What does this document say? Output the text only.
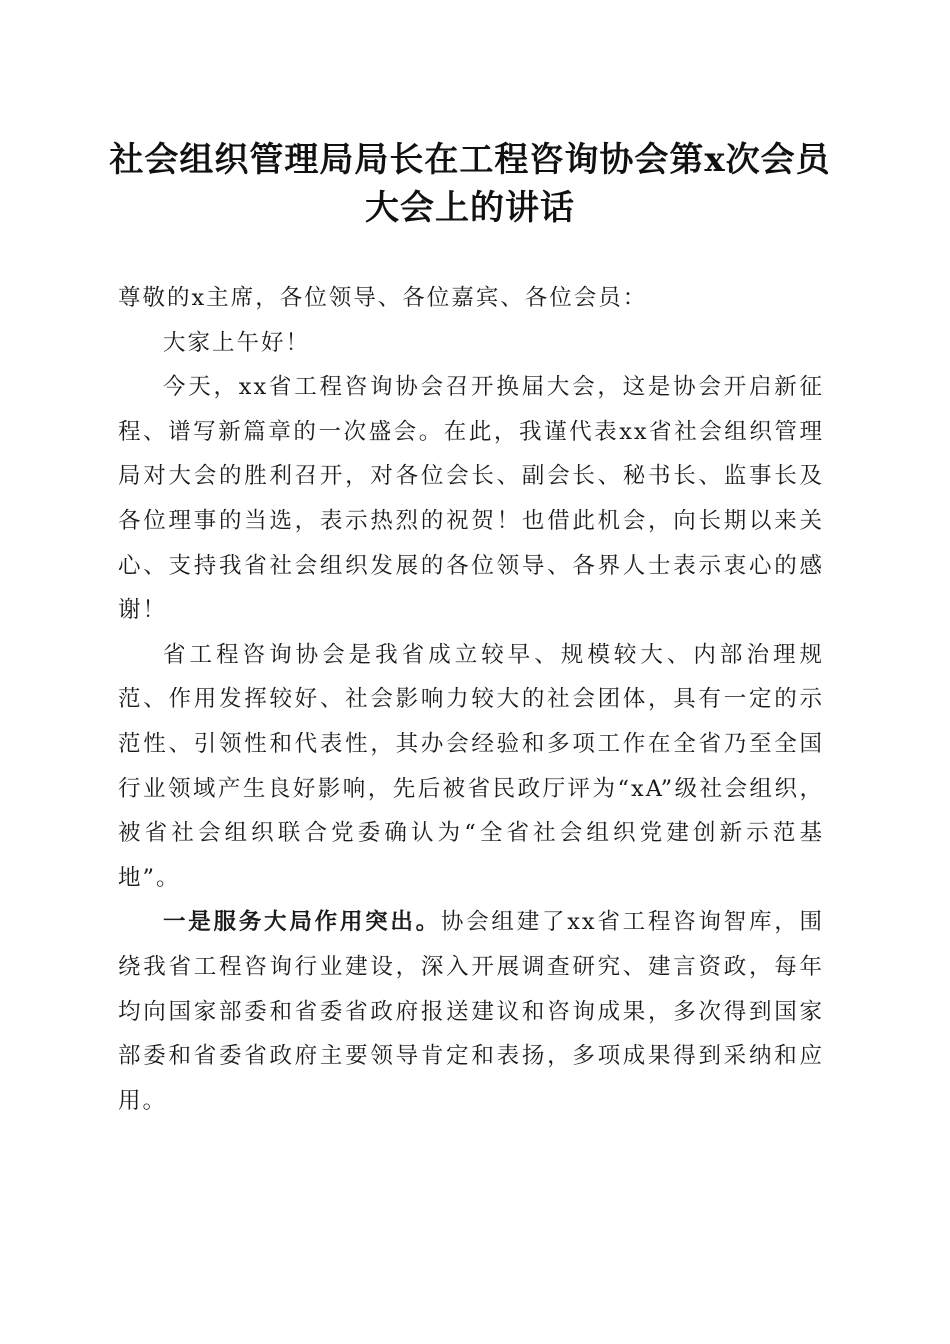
社会组织管理局局长在工程咨询协会第x次会员大会上的讲话

尊敬的x主席，各位领导、各位嘉宾、各位会员：

大家上午好！

今天，xx省工程咨询协会召开换届大会，这是协会开启新征程、谱写新篇章的一次盛会。在此，我谨代表xx省社会组织管理局对大会的胜利召开，对各位会长、副会长、秘书长、监事长及各位理事的当选，表示热烈的祝贺！也借此机会，向长期以来关心、支持我省社会组织发展的各位领导、各界人士表示衷心的感谢！

省工程咨询协会是我省成立较早、规模较大、内部治理规范、作用发挥较好、社会影响力较大的社会团体，具有一定的示范性、引领性和代表性，其办会经验和多项工作在全省乃至全国行业领域产生良好影响，先后被省民政厅评为“xA”级社会组织，被省社会组织联合党委确认为“全省社会组织党建创新示范基地”。

一是服务大局作用突出。协会组建了xx省工程咨询智库，围绕我省工程咨询行业建设，深入开展调查研究、建言资政，每年均向国家部委和省委省政府报送建议和咨询成果，多次得到国家部委和省委省政府主要领导肯定和表扬，多项成果得到采纳和应用。
